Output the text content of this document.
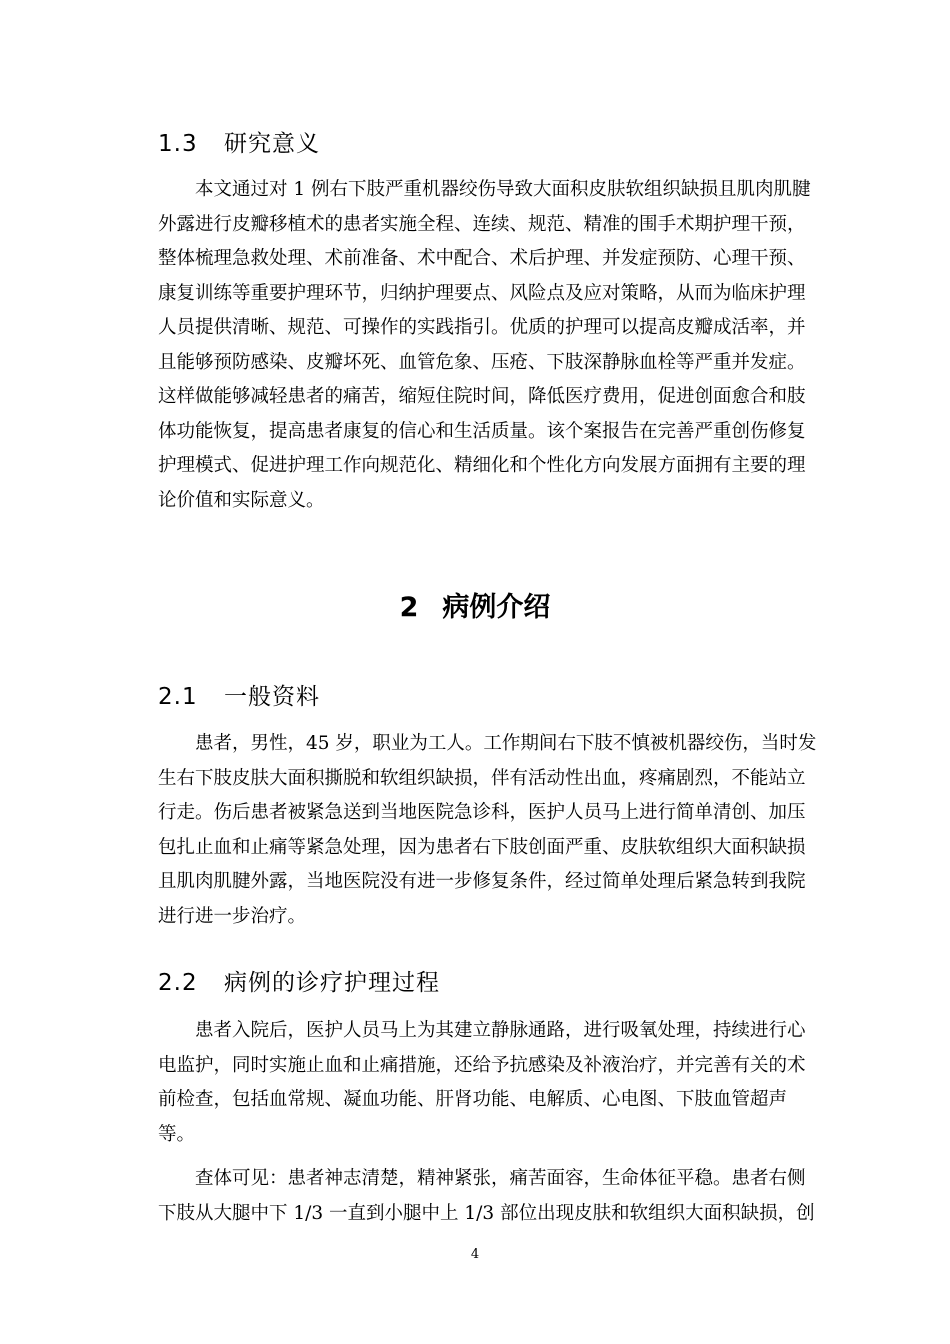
1.3 研究意义
　　本文通过对 1 例右下肢严重机器绞伤导致大面积皮肤软组织缺损且肌肉肌腱
外露进行皮瓣移植术的患者实施全程、连续、规范、精准的围手术期护理干预，
整体梳理急救处理、术前准备、术中配合、术后护理、并发症预防、心理干预、
康复训练等重要护理环节，归纳护理要点、风险点及应对策略，从而为临床护理
人员提供清晰、规范、可操作的实践指引。优质的护理可以提高皮瓣成活率，并
且能够预防感染、皮瓣坏死、血管危象、压疮、下肢深静脉血栓等严重并发症。
这样做能够减轻患者的痛苦，缩短住院时间，降低医疗费用，促进创面愈合和肢
体功能恢复，提高患者康复的信心和生活质量。该个案报告在完善严重创伤修复
护理模式、促进护理工作向规范化、精细化和个性化方向发展方面拥有主要的理
论价值和实际意义。
2 病例介绍
2.1 一般资料
　　患者，男性，45 岁，职业为工人。工作期间右下肢不慎被机器绞伤，当时发
生右下肢皮肤大面积撕脱和软组织缺损，伴有活动性出血，疼痛剧烈，不能站立
行走。伤后患者被紧急送到当地医院急诊科，医护人员马上进行简单清创、加压
包扎止血和止痛等紧急处理，因为患者右下肢创面严重、皮肤软组织大面积缺损
且肌肉肌腱外露，当地医院没有进一步修复条件，经过简单处理后紧急转到我院
进行进一步治疗。
2.2 病例的诊疗护理过程
　　患者入院后，医护人员马上为其建立静脉通路，进行吸氧处理，持续进行心
电监护，同时实施止血和止痛措施，还给予抗感染及补液治疗，并完善有关的术
前检查，包括血常规、凝血功能、肝肾功能、电解质、心电图、下肢血管超声
等。
　　查体可见：患者神志清楚，精神紧张，痛苦面容，生命体征平稳。患者右侧
下肢从大腿中下 1/3 一直到小腿中上 1/3 部位出现皮肤和软组织大面积缺损，创
4
